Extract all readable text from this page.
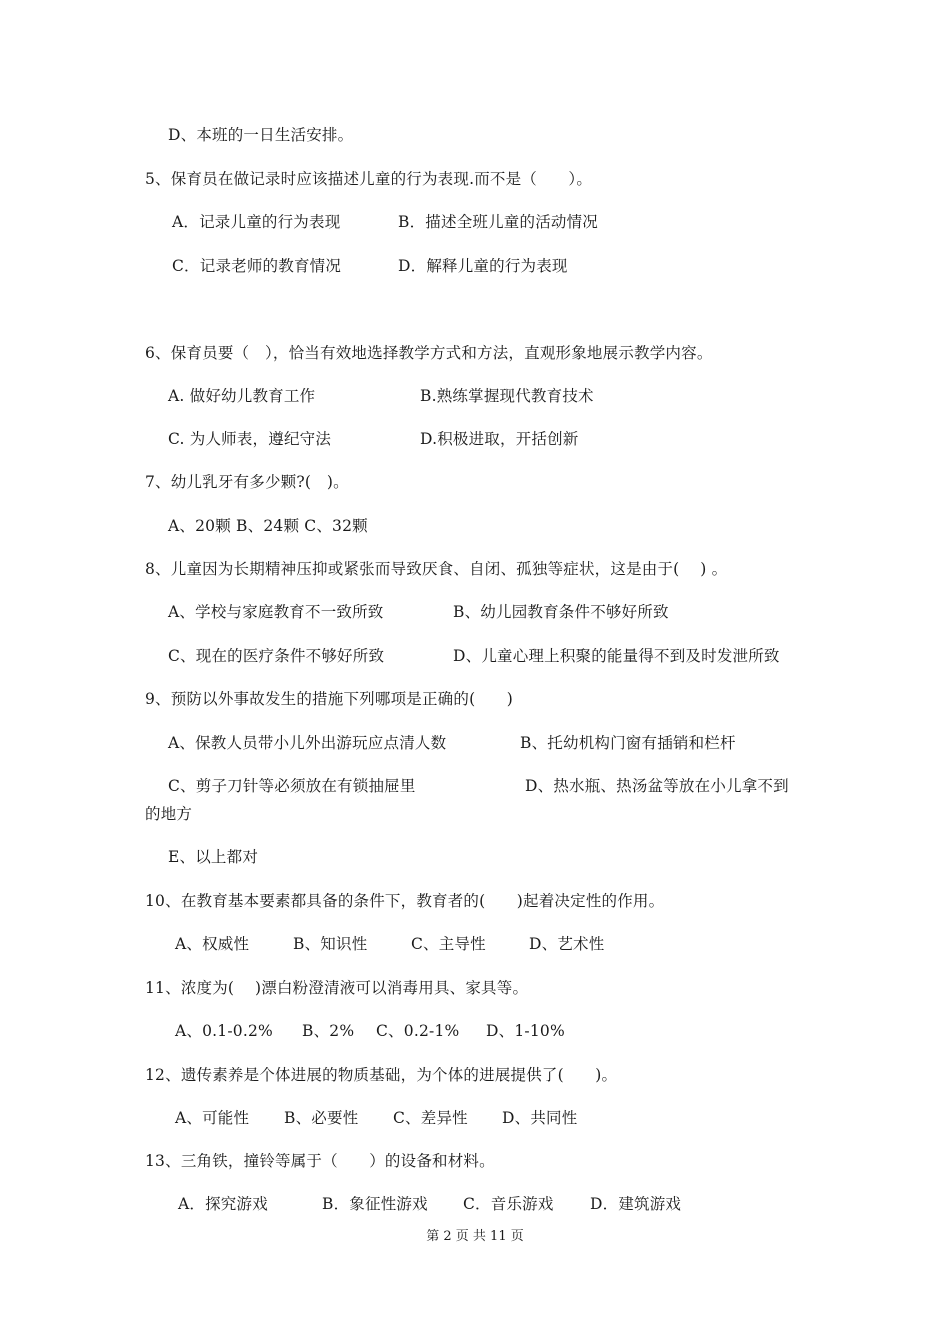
D、本班的一日生活安排。
5、保育员在做记录时应该描述儿童的行为表现.而不是（　　）。
A．记录儿童的行为表现	B．描述全班儿童的活动情况
C．记录老师的教育情况	D．解释儿童的行为表现
6、保育员要（　），恰当有效地选择教学方式和方法，直观形象地展示教学内容。
A. 做好幼儿教育工作	B.熟练掌握现代教育技术
C. 为人师表，遵纪守法	D.积极进取，开括创新
7、幼儿乳牙有多少颗?(　)。
A、20颗 B、24颗 C、32颗
8、儿童因为长期精神压抑或紧张而导致厌食、自闭、孤独等症状，这是由于(　 ) 。
A、学校与家庭教育不一致所致	B、幼儿园教育条件不够好所致
C、现在的医疗条件不够好所致	D、儿童心理上积聚的能量得不到及时发泄所致
9、预防以外事故发生的措施下列哪项是正确的(　　)
A、保教人员带小儿外出游玩应点清人数	B、托幼机构门窗有插销和栏杆
C、剪子刀针等必须放在有锁抽屉里	D、热水瓶、热汤盆等放在小儿拿不到
的地方
E、以上都对
10、在教育基本要素都具备的条件下，教育者的(　　)起着决定性的作用。
A、权威性	B、知识性	C、主导性	D、艺术性
11、浓度为(　 )漂白粉澄清液可以消毒用具、家具等。
A、0.1-0.2% B、2% C、0.2-1% D、1-10%
12、遗传素养是个体进展的物质基础，为个体的进展提供了(　　)。
A、可能性 B、必要性 C、差异性 D、共同性
13、三角铁，撞铃等属于（　　）的设备和材料。
A．探究游戏	B．象征性游戏 C．音乐游戏 D．建筑游戏
第 2 页 共 11 页
